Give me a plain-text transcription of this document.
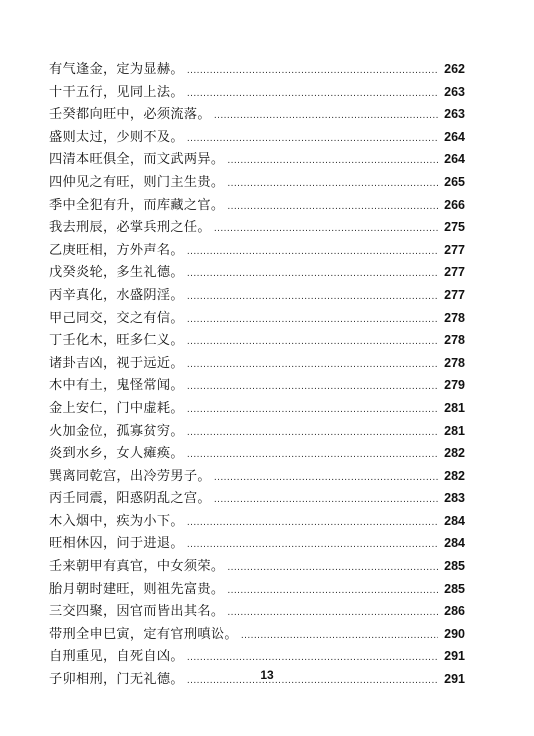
有气逢金，定为显赫。 .....	262
十干五行，见同上法。 .....	263
壬癸都向旺中，必须流落。 .....	263
盛则太过，少则不及。 .....	264
四清本旺俱全，而文武两异。 .....	264
四仲见之有旺，则门主生贵。 .....	265
季中全犯有升，而库藏之官。 .....	266
我去刑辰，必掌兵刑之任。 .....	275
乙庚旺相，方外声名。 .....	277
戊癸炎轮，多生礼德。 .....	277
丙辛真化，水盛阴淫。 .....	277
甲己同交，交之有信。 .....	278
丁壬化木，旺多仁义。 .....	278
诸卦吉凶，视于远近。 .....	278
木中有土，鬼怪常闻。 .....	279
金上安仁，门中虚耗。 .....	281
火加金位，孤寡贫穷。 .....	281
炎到水乡，女人瘫痪。 .....	282
巽离同乾宫，出冷劳男子。 .....	282
丙壬同震，阳惑阴乱之宫。 .....	283
木入烟中，疾为小下。 .....	284
旺相休囚，问于进退。 .....	284
壬来朝甲有真官，中女须荣。 .....	285
胎月朝时建旺，则祖先富贵。 .....	285
三交四聚，因官而皆出其名。 .....	286
带刑全申巳寅，定有官刑嗔讼。 .....	290
自刑重见，自死自凶。 .....	291
子卯相刑，门无礼德。 .....	291
13
